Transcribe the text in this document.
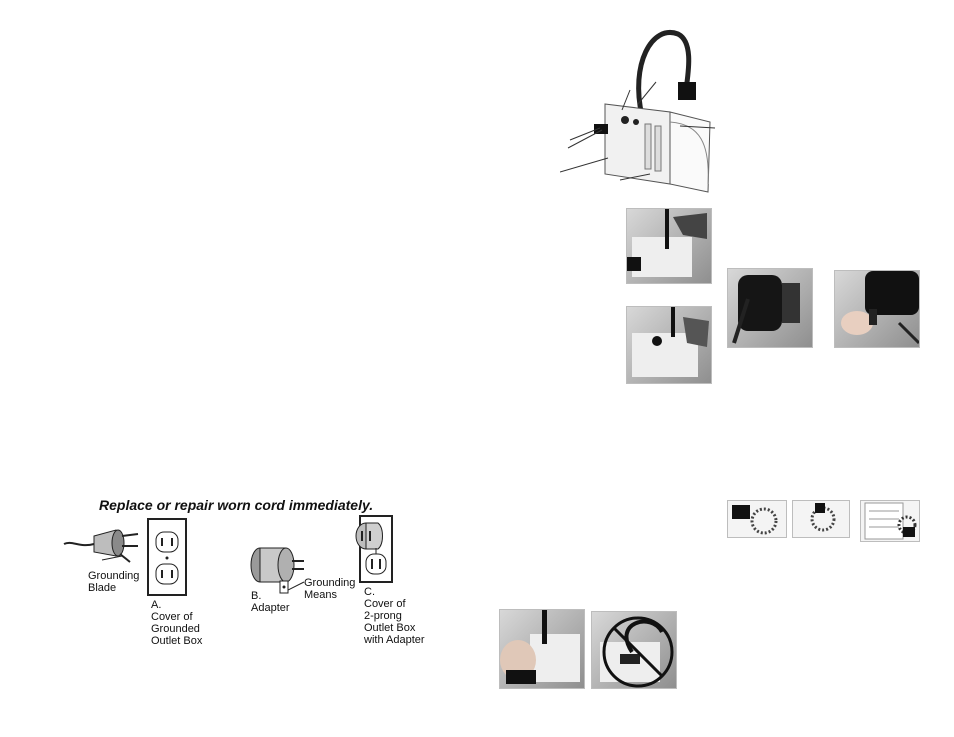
Replace or repair worn cord immediately.
Grounding
Blade
A.
Cover of
Grounded
Outlet Box
B.
Adapter
Grounding
Means	C.
Cover of
2-prong
Outlet Box
with Adapter
